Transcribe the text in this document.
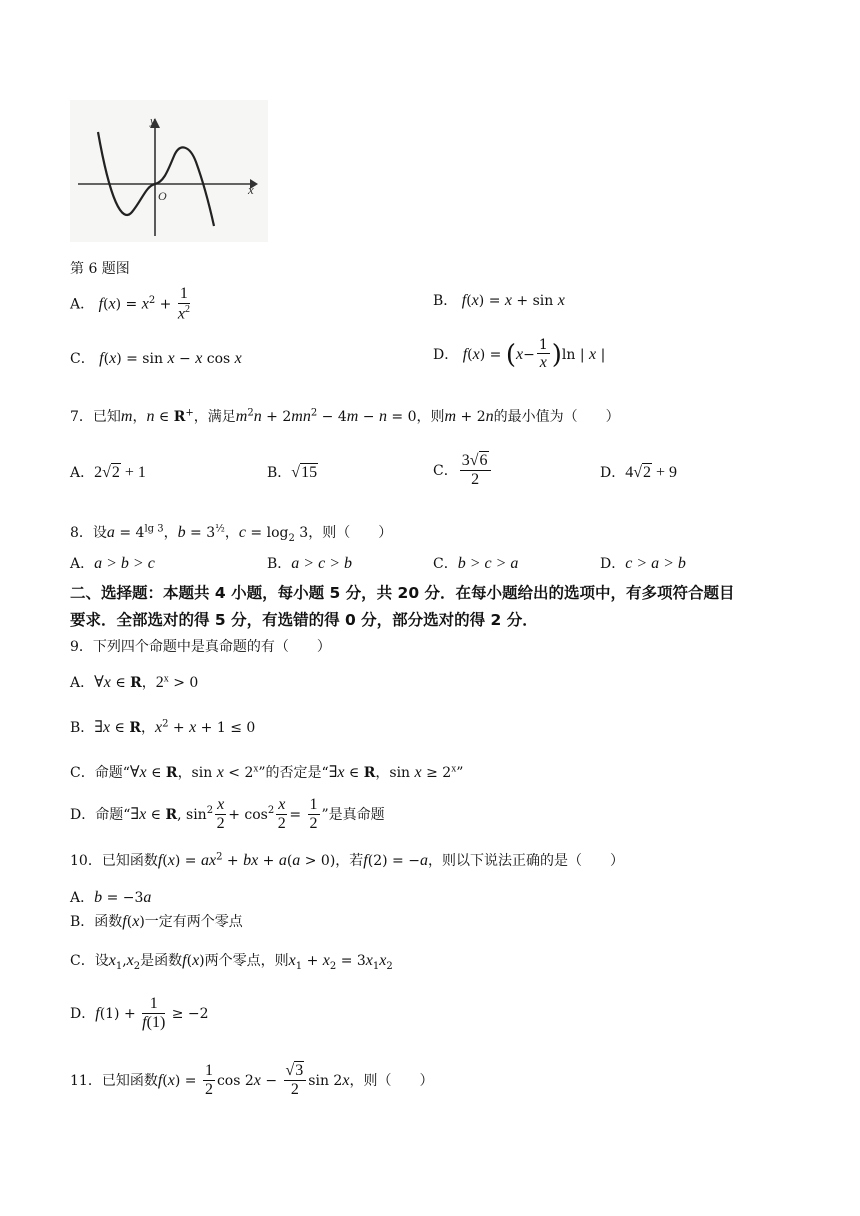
y
x
O
第 6 题图
A． $f(x) = x^2 + \frac{1}{x^2}$	B． f(x) = x + sin x
C． f(x) = sin x − x cos x	D． $f(x) = (x- \frac{1}{x} )\ln$ | x |
7．已知m，n ∈ R+，满足$m^2n + 2mn^2 - 4m - n = 0$，则m + 2n的最小值为（　　）
A．2√2 + 1	B．√15	C． $\frac{3√6}{2}$	D．4√2 + 9
8．设$a = 4^{lg 3}$，$b = 3^{\frac{1}{2}}$，$c = \log_2 3$，则（　　）
A．a > b > c	B．a > c > b	C．b > c > a	D．c > a > b
二、选择题：本题共 4 小题，每小题 5 分，共 20 分．在每小题给出的选项中，有多项符合题目
要求．全部选对的得 5 分，有选错的得 0 分，部分选对的得 2 分．
9．下列四个命题中是真命题的有（　　）
A．∀x ∈ R，$2^x > 0$
B．∃x ∈ R，$x^2 + x + 1 \le 0$
C．命题“∀x ∈ R，$\sin x < 2^x$”的否定是“∃x ∈ R，$\sin x \ge 2^x$”
D．命题“∃x ∈ R, $\sin^2 \frac{x}{2} + \cos^2 \frac{x}{2} = \frac{1}{2}$ ”是真命题
10．已知函数$f(x) = ax^2$ + bx + a(a > 0)，若f(2) = −a，则以下说法正确的是（　　）
A．b = −3a
B．函数f(x)一定有两个零点
C．设$x_1,x_2$是函数f(x)两个零点，则$x_1 + x_2 = 3x_1x_2$
D．$f(1) + \frac{1}{f(1)} \ge -2$
11．已知函数$f(x) = \frac{1}{2}$ $\cos 2x - \frac{√3}{2}$ sin 2x，则（　　）
